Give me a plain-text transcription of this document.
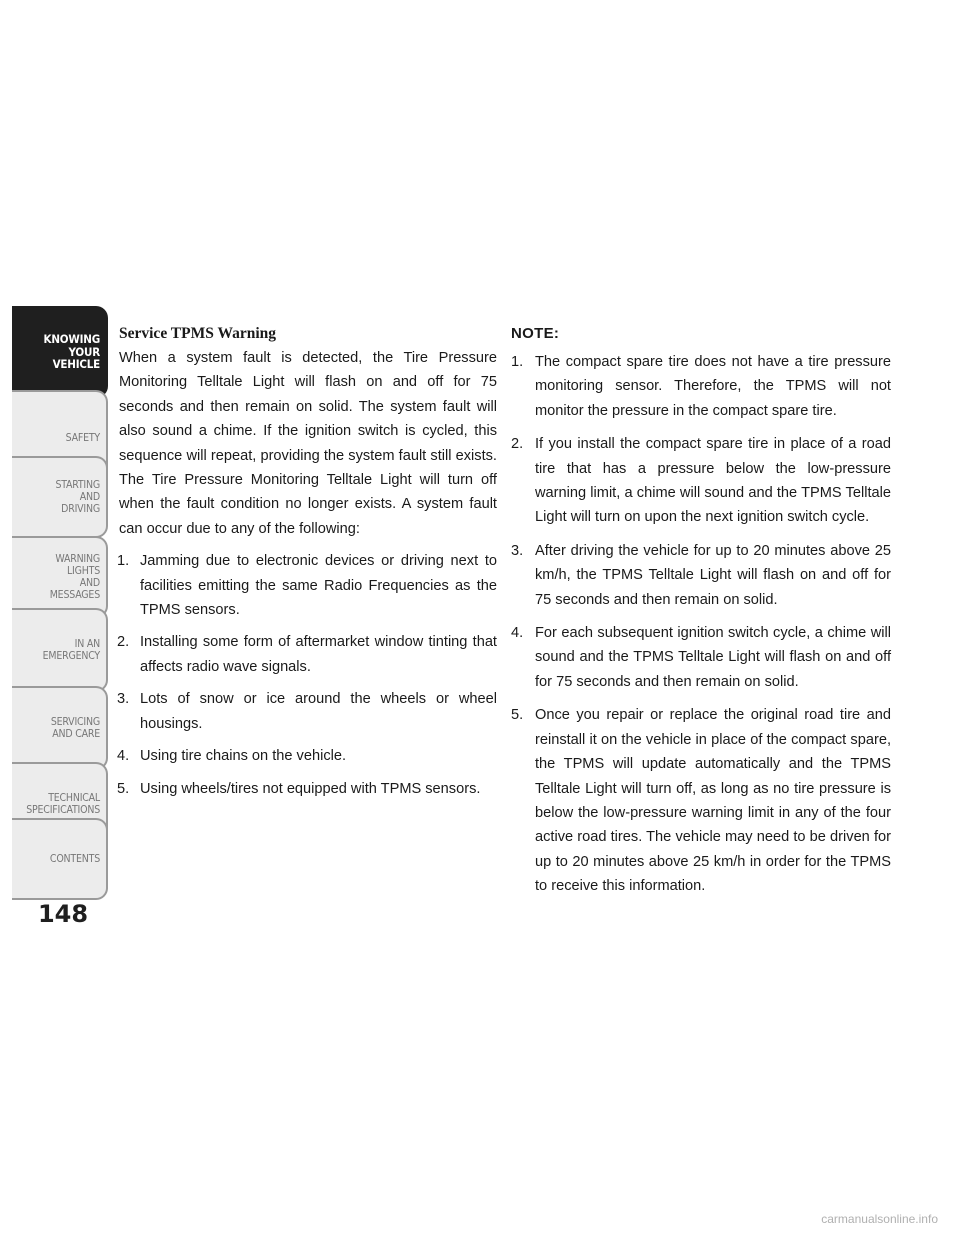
KNOWING
YOUR
VEHICLE
SAFETY
STARTING
AND
DRIVING
WARNING
LIGHTS
AND
MESSAGES
IN AN
EMERGENCY
SERVICING
AND CARE
TECHNICAL
SPECIFICATIONS
CONTENTS
148
Service TPMS Warning

When a system fault is detected, the Tire Pressure Monitoring Telltale Light will flash on and off for 75 seconds and then remain on solid. The system fault will also sound a chime. If the ignition switch is cycled, this sequence will repeat, providing the system fault still exists. The Tire Pressure Monitoring Telltale Light will turn off when the fault condition no longer exists. A system fault can occur due to any of the following:

1. Jamming due to electronic devices or driving next to facilities emitting the same Radio Frequencies as the TPMS sensors.
2. Installing some form of aftermarket window tinting that affects radio wave signals.
3. Lots of snow or ice around the wheels or wheel housings.
4. Using tire chains on the vehicle.
5. Using wheels/tires not equipped with TPMS sensors.

NOTE:

1. The compact spare tire does not have a tire pressure monitoring sensor. Therefore, the TPMS will not monitor the pressure in the compact spare tire.
2. If you install the compact spare tire in place of a road tire that has a pressure below the low-pressure warning limit, a chime will sound and the TPMS Telltale Light will turn on upon the next ignition switch cycle.
3. After driving the vehicle for up to 20 minutes above 25 km/h, the TPMS Telltale Light will flash on and off for 75 seconds and then remain on solid.
4. For each subsequent ignition switch cycle, a chime will sound and the TPMS Telltale Light will flash on and off for 75 seconds and then remain on solid.
5. Once you repair or replace the original road tire and reinstall it on the vehicle in place of the compact spare, the TPMS will update automatically and the TPMS Telltale Light will turn off, as long as no tire pressure is below the low-pressure warning limit in any of the four active road tires. The vehicle may need to be driven for up to 20 minutes above 25 km/h in order for the TPMS to receive this information.
carmanualsonline.info
